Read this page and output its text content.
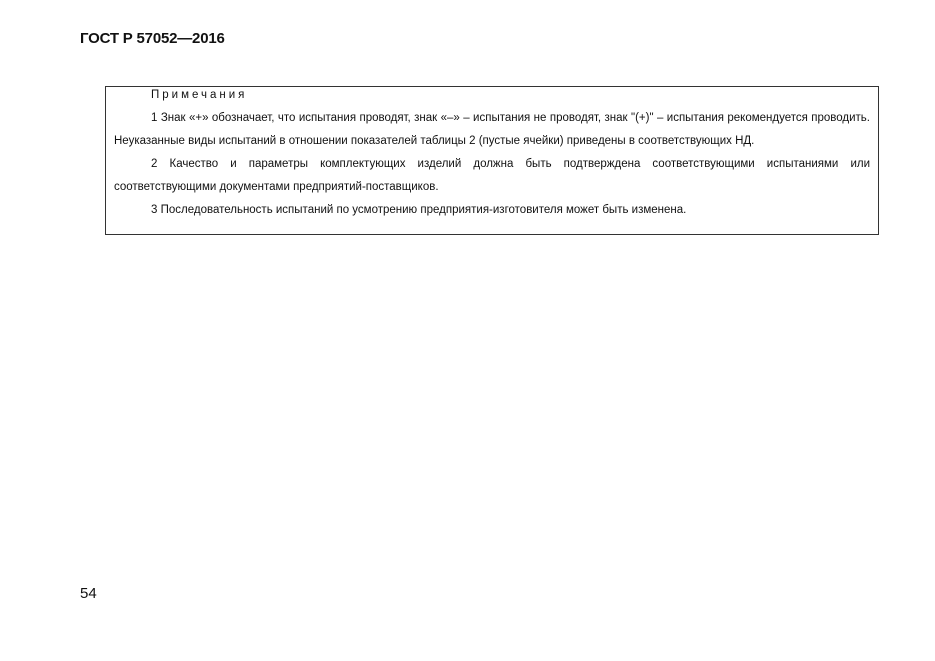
ГОСТ Р 57052—2016

Примечания

1 Знак «+» обозначает, что испытания проводят, знак «–» – испытания не проводят, знак "(+)" – испытания рекомендуется проводить. Неуказанные виды испытаний в отношении показателей таблицы 2 (пустые ячейки) приведены в соответствующих НД.

2 Качество и параметры комплектующих изделий должна быть подтверждена соответствующими испытаниями или соответствующими документами предприятий-поставщиков.

3 Последовательность испытаний по усмотрению предприятия-изготовителя может быть изменена.

54
